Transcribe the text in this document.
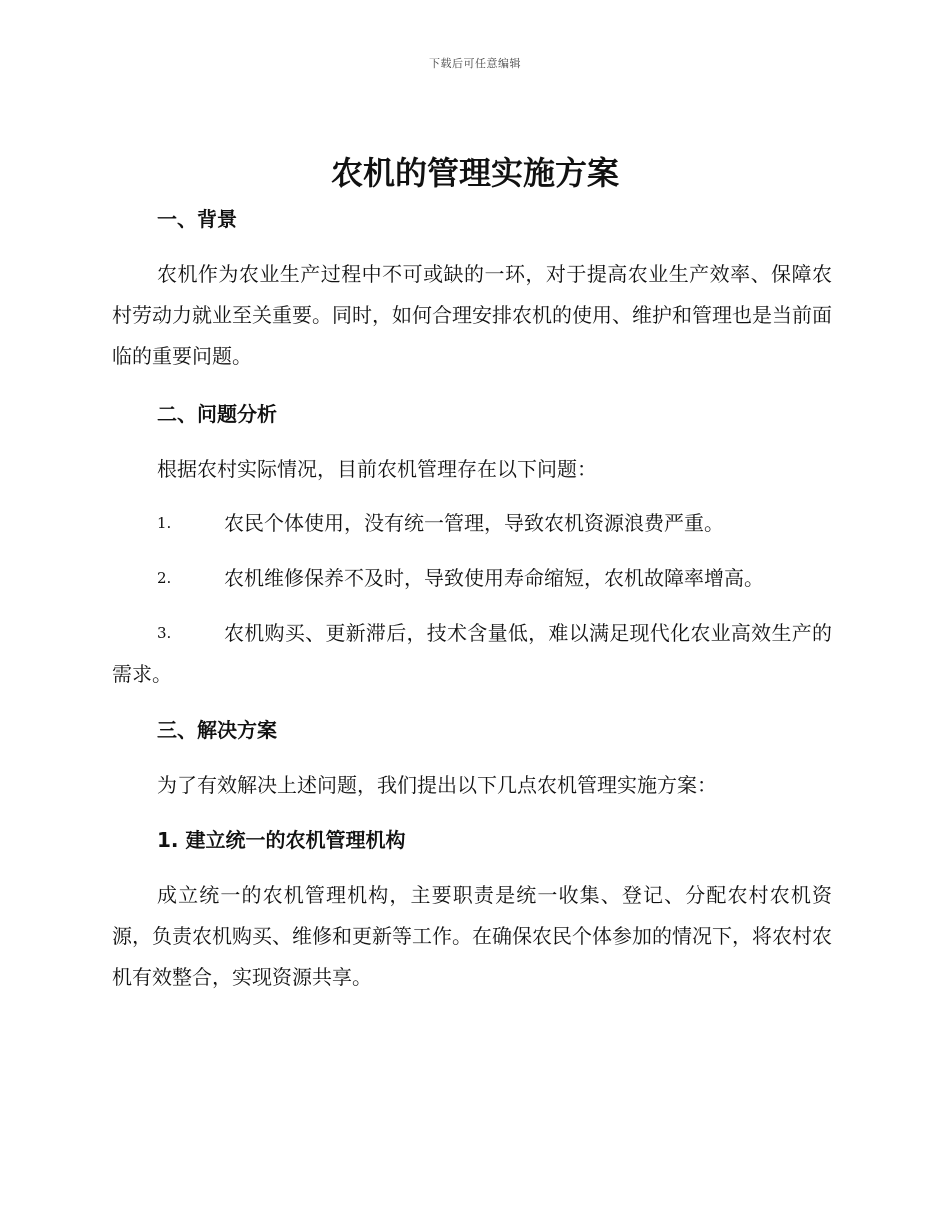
下载后可任意编辑
农机的管理实施方案
一、背景

农机作为农业生产过程中不可或缺的一环，对于提高农业生产效率、保障农村劳动力就业至关重要。同时，如何合理安排农机的使用、维护和管理也是当前面临的重要问题。

二、问题分析

根据农村实际情况，目前农机管理存在以下问题：

1.	农民个体使用，没有统一管理，导致农机资源浪费严重。
2.	农机维修保养不及时，导致使用寿命缩短，农机故障率增高。
3.	农机购买、更新滞后，技术含量低，难以满足现代化农业高效生产的需求。
三、解决方案

为了有效解决上述问题，我们提出以下几点农机管理实施方案：

1. 建立统一的农机管理机构

成立统一的农机管理机构，主要职责是统一收集、登记、分配农村农机资源，负责农机购买、维修和更新等工作。在确保农民个体参加的情况下，将农村农机有效整合，实现资源共享。
